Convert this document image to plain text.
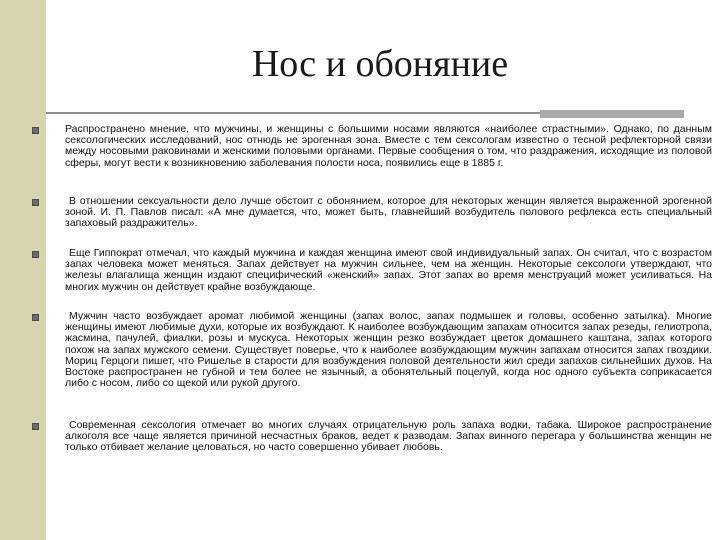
Нос и обоняние

Распространено мнение, что мужчины, и женщины с большими носами являются «наиболее страстными». Однако, по данным сексологических исследований, нос отнюдь не эрогенная зона. Вместе с тем сексологам известно о тесной рефлекторной связи между носовыми раковинами и женскими половыми органами. Первые сообщения о том, что раздражения, исходящие из половой сферы, могут вести к возникновению заболевания полости носа, появились еще в 1885 г.

В отношении сексуальности дело лучше обстоит с обонянием, которое для некоторых женщин является выраженной эрогенной зоной. И. П. Павлов писал: «А мне думается, что, может быть, главнейший возбудитель полового рефлекса есть специальный запаховый раздражитель».

Еще Гиппократ отмечал, что каждый мужчина и каждая женщина имеют свой индивидуальный запах. Он считал, что с возрастом запах человека может меняться. Запах действует на мужчин сильнее, чем на женщин. Некоторые сексологи утверждают, что железы влагалища женщин издают специфический «женский» запах. Этот запах во время менструаций может усиливаться. На многих мужчин он действует крайне возбуждающе.

Мужчин часто возбуждает аромат любимой женщины (запах волос, запах подмышек и головы, особенно затылка). Многие женщины имеют любимые духи, которые их возбуждают. К наиболее возбуждающим запахам относится запах резеды, гелиотропа, жасмина, пачулей, фиалки, розы и мускуса. Некоторых женщин резко возбуждает цветок домашнего каштана, запах которого похож на запах мужского семени. Существует поверье, что к наиболее возбуждающим мужчин запахам относится запах гвоздики. Мориц Герцоги пишет, что Ришелье в старости для возбуждения половой деятельности жил среди запахов сильнейших духов. На Востоке распространен не губной и тем более не язычный, а обонятельный поцелуй, когда нос одного субъекта соприкасается либо с носом, либо со щекой или рукой другого.

Современная сексология отмечает во многих случаях отрицательную роль запаха водки, табака. Широкое распространение алкоголя все чаще является причиной несчастных браков, ведет к разводам. Запах винного перегара у большинства женщин не только отбивает желание целоваться, но часто совершенно убивает любовь.
